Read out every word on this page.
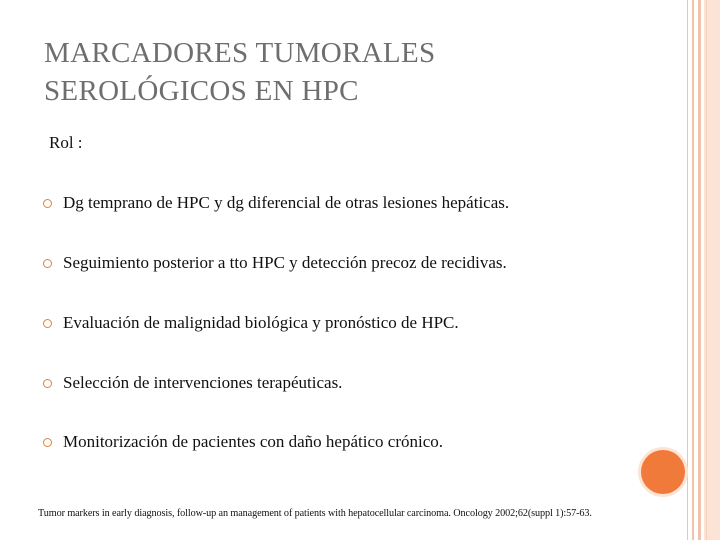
MARCADORES TUMORALES
SEROLÓGICOS EN HPC
Rol :
Dg temprano de HPC y dg diferencial de otras lesiones hepáticas.
Seguimiento posterior a tto HPC y detección precoz de recidivas.
Evaluación de malignidad biológica y pronóstico de HPC.
Selección de intervenciones terapéuticas.
Monitorización de pacientes con daño hepático crónico.
Tumor markers in early diagnosis, follow-up an management of patients with hepatocellular carcinoma. Oncology 2002;62(suppl 1):57-63.
